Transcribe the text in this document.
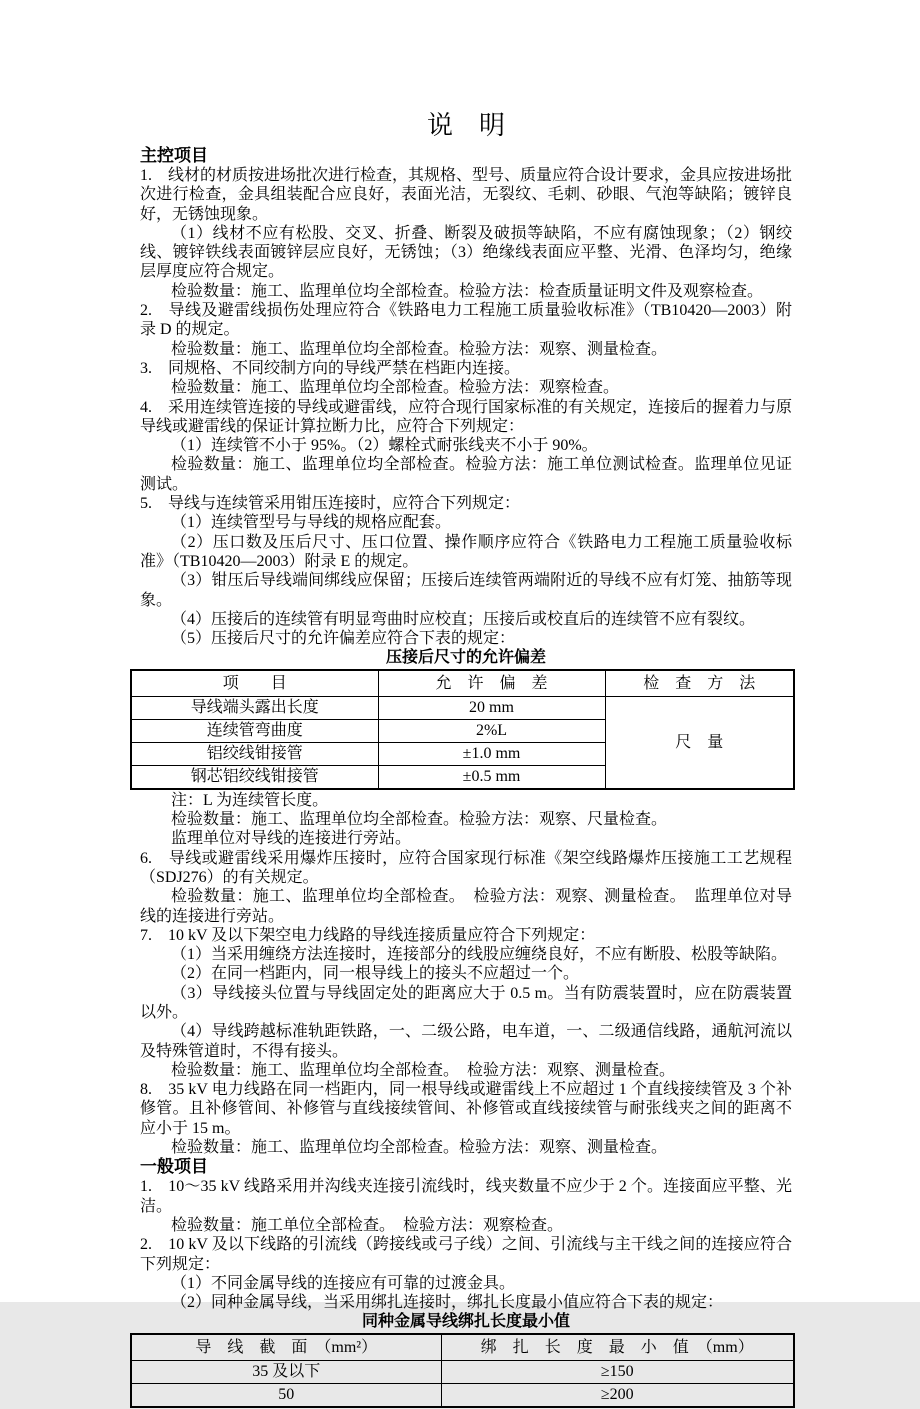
说　明
主控项目

1.　线材的材质按进场批次进行检查，其规格、型号、质量应符合设计要求，金具应按进场批次进行检查，金具组装配合应良好，表面光洁，无裂纹、毛刺、砂眼、气泡等缺陷；镀锌良好，无锈蚀现象。

（1）线材不应有松股、交叉、折叠、断裂及破损等缺陷，不应有腐蚀现象；（2）钢绞线、镀锌铁线表面镀锌层应良好，无锈蚀；（3）绝缘线表面应平整、光滑、色泽均匀，绝缘层厚度应符合规定。

检验数量：施工、监理单位均全部检查。检验方法：检查质量证明文件及观察检查。

2.　导线及避雷线损伤处理应符合《铁路电力工程施工质量验收标准》（TB10420—2003）附录 D 的规定。

检验数量：施工、监理单位均全部检查。检验方法：观察、测量检查。

3.　同规格、不同绞制方向的导线严禁在档距内连接。

检验数量：施工、监理单位均全部检查。检验方法：观察检查。

4.　采用连续管连接的导线或避雷线，应符合现行国家标准的有关规定，连接后的握着力与原导线或避雷线的保证计算拉断力比，应符合下列规定：

（1）连续管不小于 95%。（2）螺栓式耐张线夹不小于 90%。

检验数量：施工、监理单位均全部检查。检验方法：施工单位测试检查。监理单位见证测试。

5.　导线与连续管采用钳压连接时，应符合下列规定：

（1）连续管型号与导线的规格应配套。

（2）压口数及压后尺寸、压口位置、操作顺序应符合《铁路电力工程施工质量验收标准》（TB10420—2003）附录 E 的规定。

（3）钳压后导线端间绑线应保留；压接后连续管两端附近的导线不应有灯笼、抽筋等现象。

（4）压接后的连续管有明显弯曲时应校直；压接后或校直后的连续管不应有裂纹。

（5）压接后尺寸的允许偏差应符合下表的规定：

压接后尺寸的允许偏差
项　　目	允　许　偏　差	检　查　方　法
导线端头露出长度	20 mm	尺　量
连续管弯曲度	2%L	
铝绞线钳接管	±1.0 mm	
钢芯铝绞线钳接管	±0.5 mm	

注：L 为连续管长度。

检验数量：施工、监理单位均全部检查。检验方法：观察、尺量检查。

监理单位对导线的连接进行旁站。

6.　导线或避雷线采用爆炸压接时，应符合国家现行标准《架空线路爆炸压接施工工艺规程（SDJ276）的有关规定。

检验数量：施工、监理单位均全部检查。　检验方法：观察、测量检查。　监理单位对导线的连接进行旁站。

7.　10 kV 及以下架空电力线路的导线连接质量应符合下列规定：

（1）当采用缠绕方法连接时，连接部分的线股应缠绕良好，不应有断股、松股等缺陷。

（2）在同一档距内，同一根导线上的接头不应超过一个。

（3）导线接头位置与导线固定处的距离应大于 0.5 m。当有防震装置时，应在防震装置以外。

（4）导线跨越标准轨距铁路，一、二级公路，电车道，一、二级通信线路，通航河流以及特殊管道时，不得有接头。

检验数量：施工、监理单位均全部检查。　检验方法：观察、测量检查。

8.　35 kV 电力线路在同一档距内，同一根导线或避雷线上不应超过 1 个直线接续管及 3 个补修管。且补修管间、补修管与直线接续管间、补修管或直线接续管与耐张线夹之间的距离不应小于 15 m。

检验数量：施工、监理单位均全部检查。检验方法：观察、测量检查。

一般项目

1.　10～35 kV 线路采用并沟线夹连接引流线时，线夹数量不应少于 2 个。连接面应平整、光洁。

检验数量：施工单位全部检查。　检验方法：观察检查。

2.　10 kV 及以下线路的引流线（跨接线或弓子线）之间、引流线与主干线之间的连接应符合下列规定：

（1）不同金属导线的连接应有可靠的过渡金具。

（2）同种金属导线，当采用绑扎连接时，绑扎长度最小值应符合下表的规定：

同种金属导线绑扎长度最小值
导　线　截　面　（mm²）	绑　扎　长　度　最　小　值　（mm）
35 及以下	≥150
50	≥200
